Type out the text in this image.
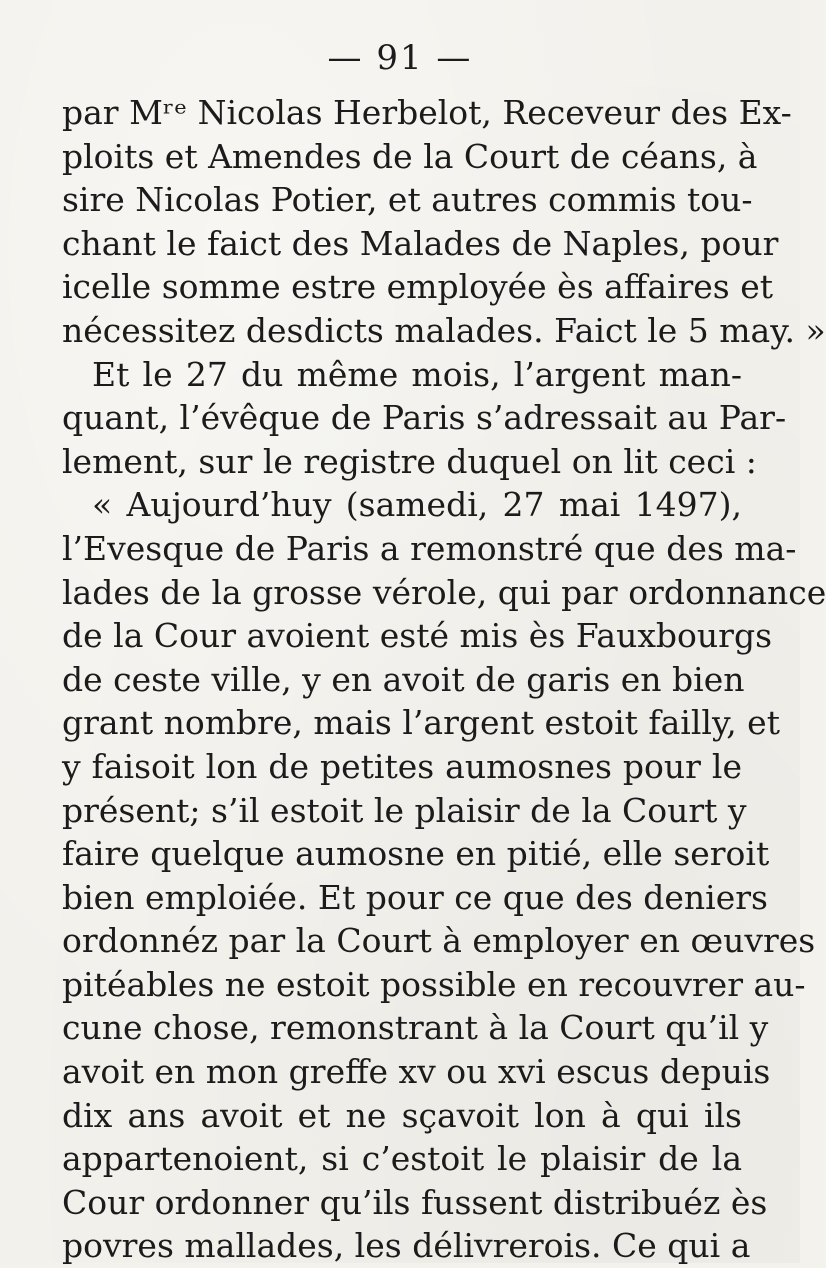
— 91 —
par Mʳᵉ Nicolas Herbelot, Receveur des Ex-
ploits et Amendes de la Court de céans, à
sire Nicolas Potier, et autres commis tou-
chant le faict des Malades de Naples, pour
icelle somme estre employée ès affaires et
nécessitez desdicts malades. Faict le 5 may. »
Et le 27 du même mois, l’argent man-
quant, l’évêque de Paris s’adressait au Par-
lement, sur le registre duquel on lit ceci :
« Aujourd’huy (samedi, 27 mai 1497),
l’Evesque de Paris a remonstré que des ma-
lades de la grosse vérole, qui par ordonnance
de la Cour avoient esté mis ès Fauxbourgs
de ceste ville, y en avoit de garis en bien
grant nombre, mais l’argent estoit failly, et
y faisoit lon de petites aumosnes pour le
présent; s’il estoit le plaisir de la Court y
faire quelque aumosne en pitié, elle seroit
bien emploiée. Et pour ce que des deniers
ordonnéz par la Court à employer en œuvres
pitéables ne estoit possible en recouvrer au-
cune chose, remonstrant à la Court qu’il y
avoit en mon greffe xv ou xvi escus depuis
dix ans avoit et ne sçavoit lon à qui ils
appartenoient, si c’estoit le plaisir de la
Cour ordonner qu’ils fussent distribuéz ès
povres mallades, les délivrerois. Ce qui a
